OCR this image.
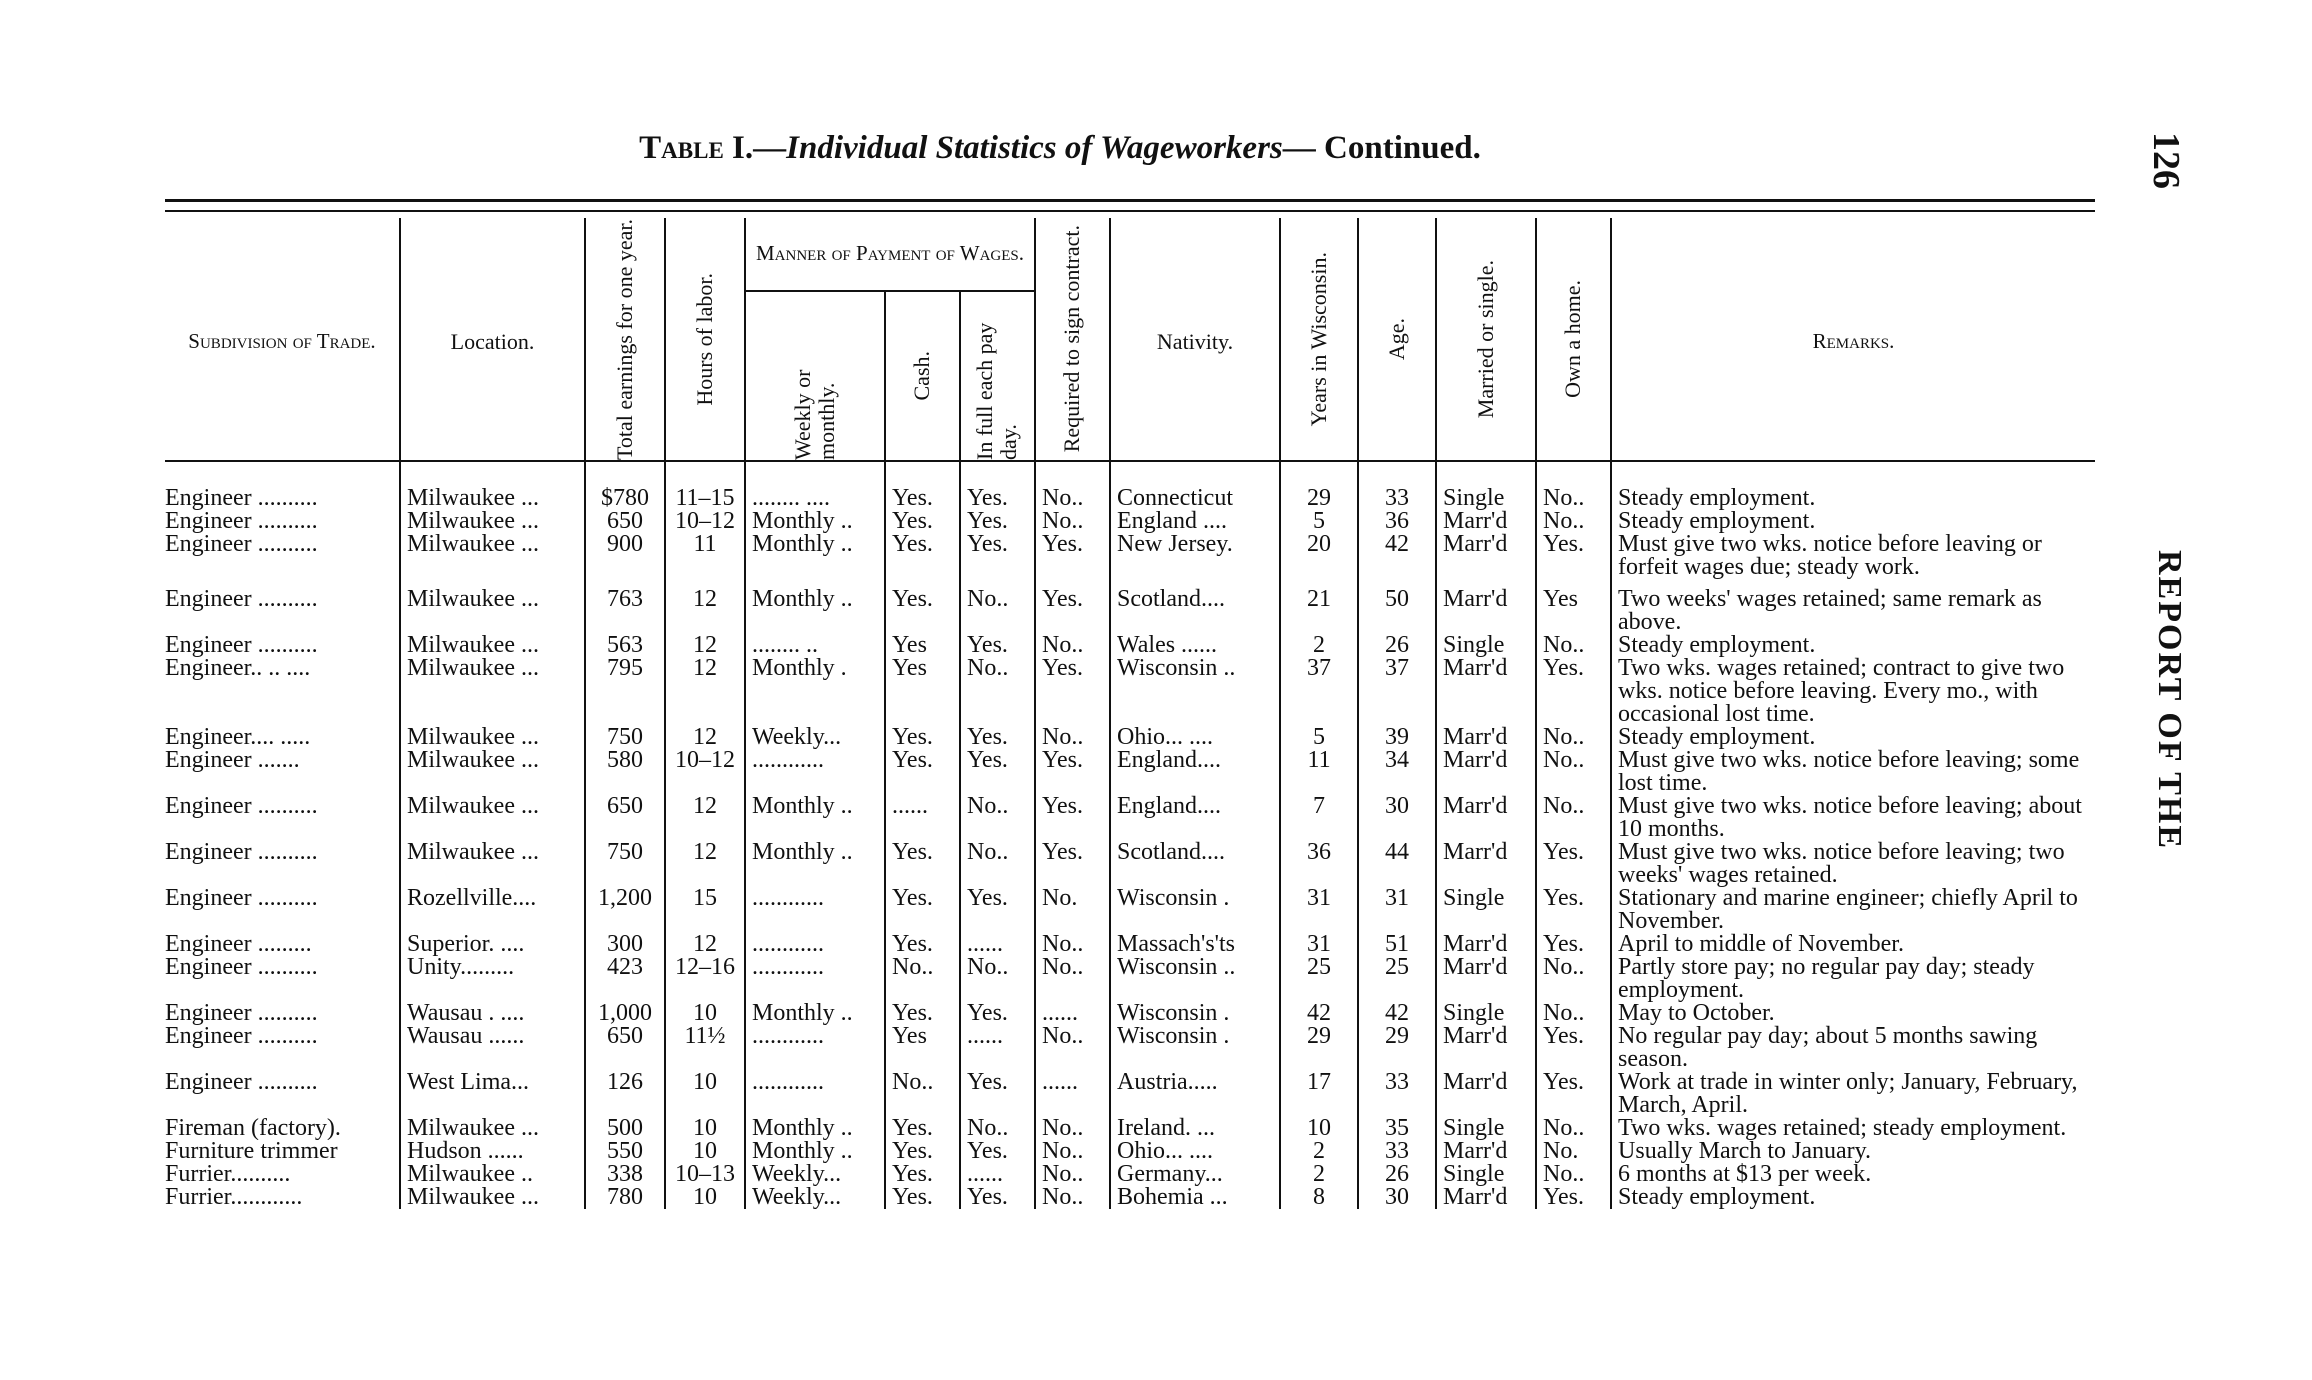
Table I.—Individual Statistics of Wageworkers— Continued.	126
REPORT OF THE
Subdivision of Trade.	Location.	Total earnings for one year.	Hours of labor.	Manner of Payment of Wages.			Required to sign contract.	Nativity.	Years in Wisconsin.	Age.	Married or single.	Own a home.	Remarks.
				Weekly or monthly.	Cash.	In full each pay day.							

Engineer ..........	Milwaukee ...	$780	11–15	........ ....	Yes.	Yes.	No..	Connecticut	29	33	Single	No..	Steady employment.
Engineer ..........	Milwaukee ...	650	10–12	Monthly ..	Yes.	Yes.	No..	England ....	5	36	Marr'd	No..	Steady employment.
Engineer ..........	Milwaukee ...	900	11	Monthly ..	Yes.	Yes.	Yes.	New Jersey.	20	42	Marr'd	Yes.	Must give two wks. notice before leaving or forfeit wages due; steady work.
Engineer ..........	Milwaukee ...	763	12	Monthly ..	Yes.	No..	Yes.	Scotland....	21	50	Marr'd	Yes	Two weeks' wages retained; same remark as above.
Engineer ..........	Milwaukee ...	563	12	........ ..	Yes	Yes.	No..	Wales ......	2	26	Single	No..	Steady employment.
Engineer.. .. ....	Milwaukee ...	795	12	Monthly .	Yes	No..	Yes.	Wisconsin ..	37	37	Marr'd	Yes.	Two wks. wages retained; contract to give two wks. notice before leaving. Every mo., with occasional lost time.
Engineer.... .....	Milwaukee ...	750	12	Weekly...	Yes.	Yes.	No..	Ohio... ....	5	39	Marr'd	No..	Steady employment.
Engineer .......	Milwaukee ...	580	10–12	............	Yes.	Yes.	Yes.	England....	11	34	Marr'd	No..	Must give two wks. notice before leaving; some lost time.
Engineer ..........	Milwaukee ...	650	12	Monthly ..	......	No..	Yes.	England....	7	30	Marr'd	No..	Must give two wks. notice before leaving; about 10 months.
Engineer ..........	Milwaukee ...	750	12	Monthly ..	Yes.	No..	Yes.	Scotland....	36	44	Marr'd	Yes.	Must give two wks. notice before leaving; two weeks' wages retained.
Engineer ..........	Rozellville....	1,200	15	............	Yes.	Yes.	No.	Wisconsin .	31	31	Single	Yes.	Stationary and marine engineer; chiefly April to November.
Engineer .........	Superior. ....	300	12	............	Yes.	......	No..	Massach's'ts	31	51	Marr'd	Yes.	April to middle of November.
Engineer ..........	Unity.........	423	12–16	............	No..	No..	No..	Wisconsin ..	25	25	Marr'd	No..	Partly store pay; no regular pay day; steady employment.
Engineer ..........	Wausau . ....	1,000	10	Monthly ..	Yes.	Yes.	......	Wisconsin .	42	42	Single	No..	May to October.
Engineer ..........	Wausau ......	650	11½	............	Yes	......	No..	Wisconsin .	29	29	Marr'd	Yes.	No regular pay day; about 5 months sawing season.
Engineer ..........	West Lima...	126	10	............	No..	Yes.	......	Austria.....	17	33	Marr'd	Yes.	Work at trade in winter only; January, February, March, April.
Fireman (factory).	Milwaukee ...	500	10	Monthly ..	Yes.	No..	No..	Ireland. ...	10	35	Single	No..	Two wks. wages retained; steady employment.
Furniture trimmer	Hudson ......	550	10	Monthly ..	Yes.	Yes.	No..	Ohio... ....	2	33	Marr'd	No.	Usually March to January.
Furrier..........	Milwaukee ..	338	10–13	Weekly...	Yes.	......	No..	Germany...	2	26	Single	No..	6 months at $13 per week.
Furrier............	Milwaukee ...	780	10	Weekly...	Yes.	Yes.	No..	Bohemia ...	8	30	Marr'd	Yes.	Steady employment.
